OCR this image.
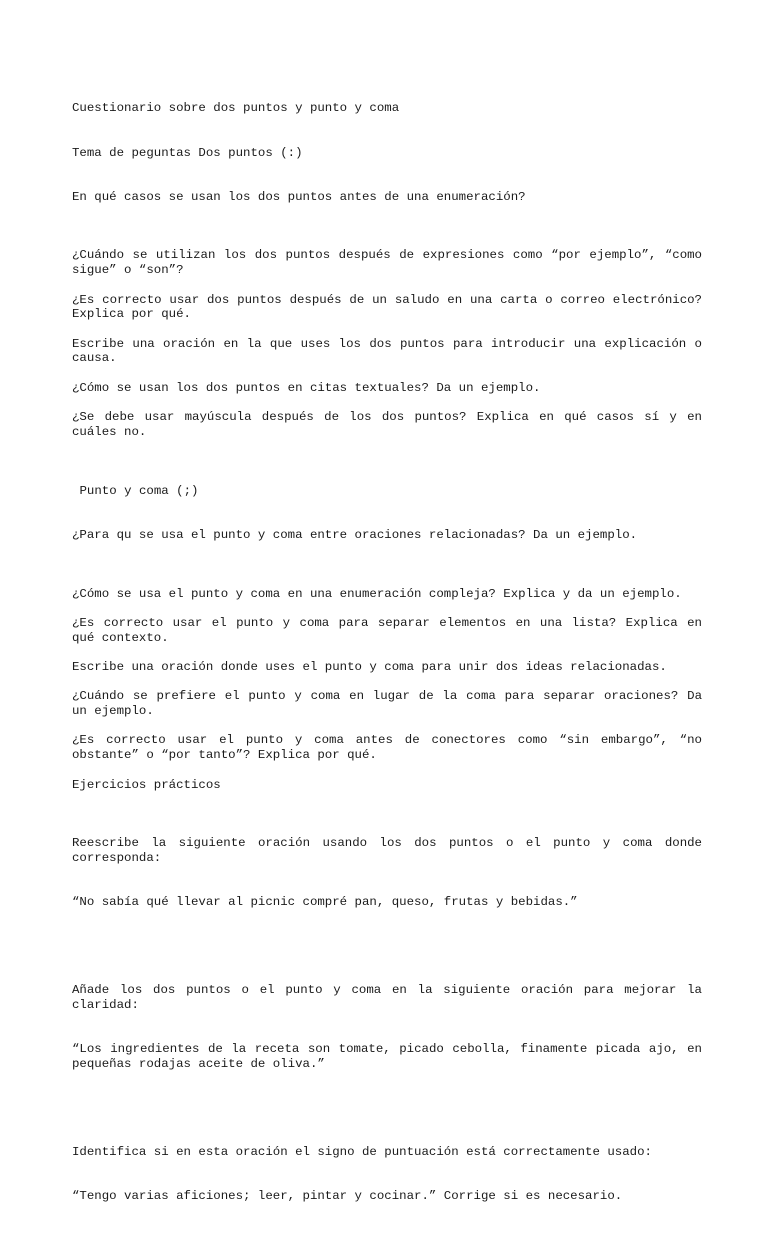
Cuestionario sobre dos puntos y punto y coma

Tema de peguntas Dos puntos (:)

En qué casos se usan los dos puntos antes de una enumeración?

¿Cuándo se utilizan los dos puntos después de expresiones como “por ejemplo”, “como sigue” o “son”?

¿Es correcto usar dos puntos después de un saludo en una carta o correo electrónico? Explica por qué.

Escribe una oración en la que uses los dos puntos para introducir una explicación o causa.

¿Cómo se usan los dos puntos en citas textuales? Da un ejemplo.

¿Se debe usar mayúscula después de los dos puntos? Explica en qué casos sí y en cuáles no.

Punto y coma (;)

¿Para qu se usa el punto y coma entre oraciones relacionadas? Da un ejemplo.

¿Cómo se usa el punto y coma en una enumeración compleja? Explica y da un ejemplo.

¿Es correcto usar el punto y coma para separar elementos en una lista? Explica en qué contexto.

Escribe una oración donde uses el punto y coma para unir dos ideas relacionadas.

¿Cuándo se prefiere el punto y coma en lugar de la coma para separar oraciones? Da un ejemplo.

¿Es correcto usar el punto y coma antes de conectores como “sin embargo”, “no obstante” o “por tanto”? Explica por qué.

Ejercicios prácticos

Reescribe la siguiente oración usando los dos puntos o el punto y coma donde corresponda:

“No sabía qué llevar al picnic compré pan, queso, frutas y bebidas.”

Añade los dos puntos o el punto y coma en la siguiente oración para mejorar la claridad:

“Los ingredientes de la receta son tomate, picado cebolla, finamente picada ajo, en pequeñas rodajas aceite de oliva.”

Identifica si en esta oración el signo de puntuación está correctamente usado:

“Tengo varias aficiones; leer, pintar y cocinar.” Corrige si es necesario.
